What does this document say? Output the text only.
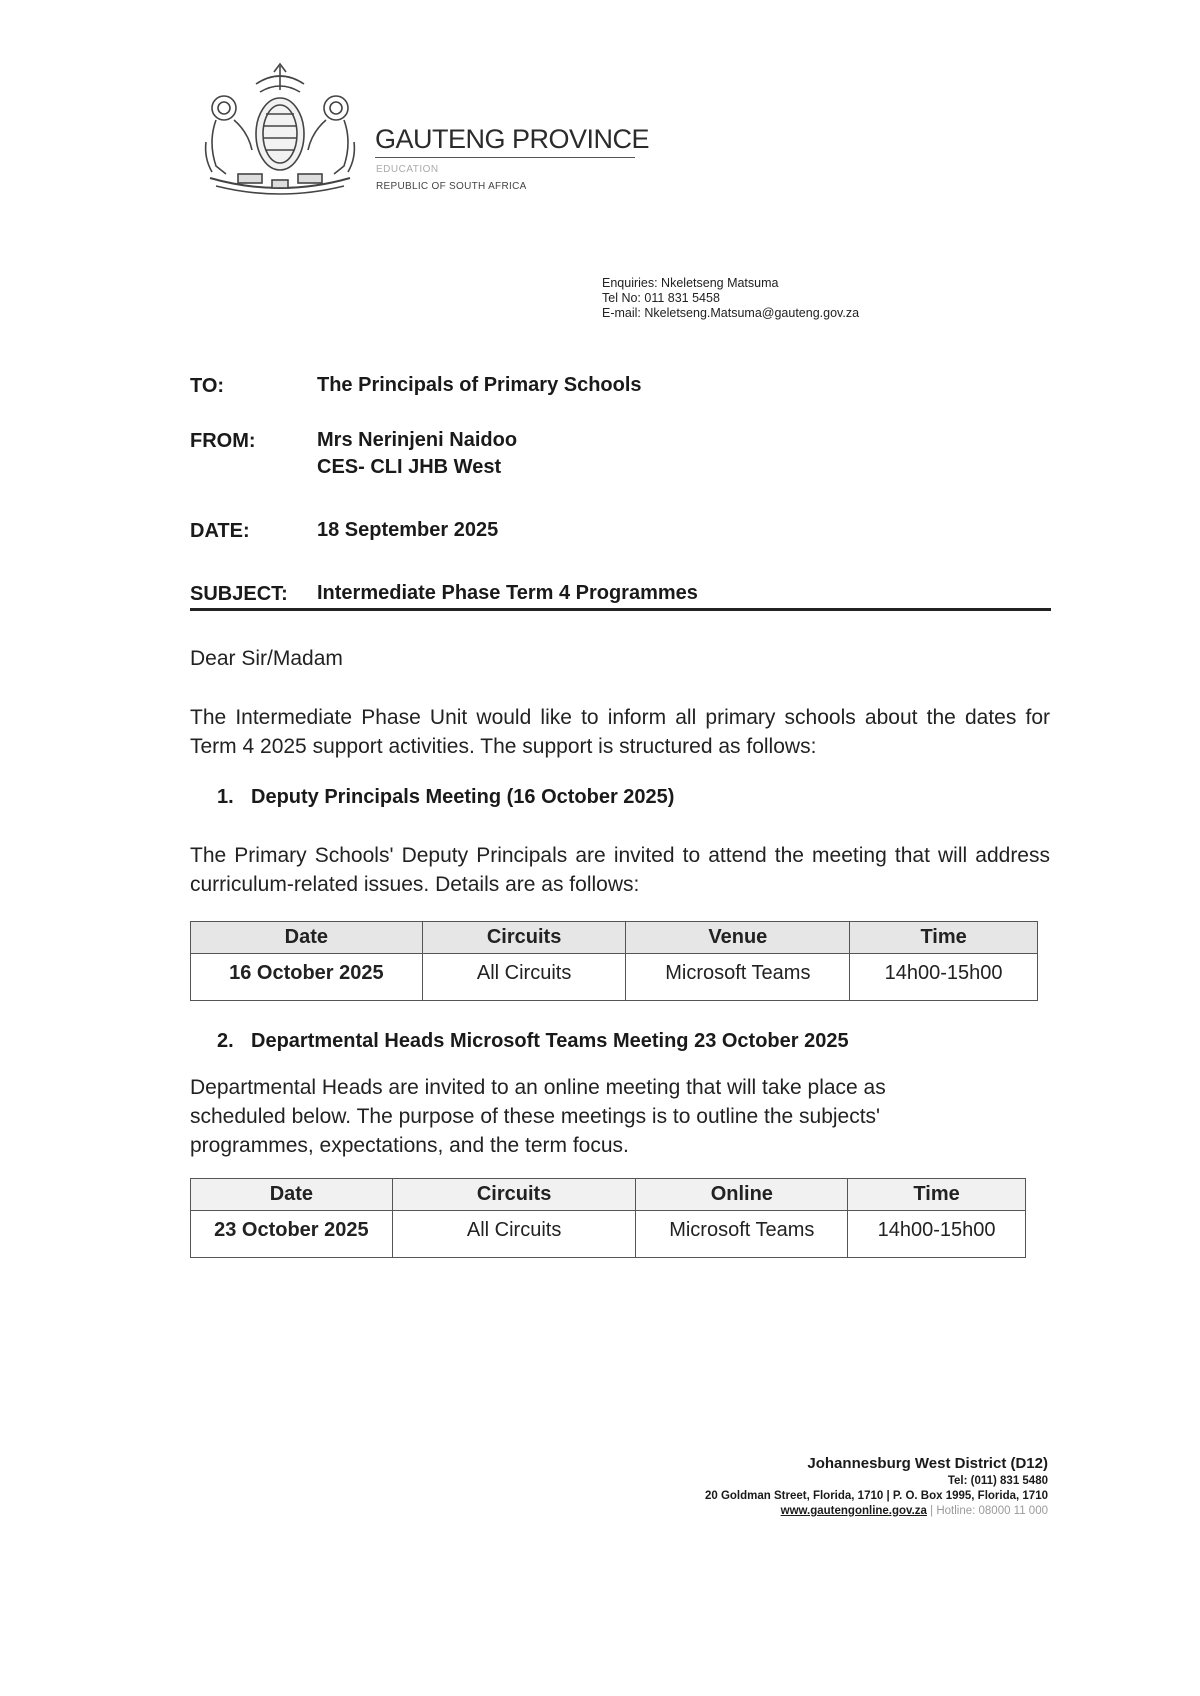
GAUTENG PROVINCE
EDUCATION
REPUBLIC OF SOUTH AFRICA
Enquiries: Nkeletseng Matsuma
Tel No: 011 831 5458
E-mail: Nkeletseng.Matsuma@gauteng.gov.za
TO:	The Principals of Primary Schools
FROM:	Mrs Nerinjeni Naidoo
CES- CLI JHB West
DATE:	18 September 2025
SUBJECT: Intermediate Phase Term 4 Programmes
Dear Sir/Madam
The Intermediate Phase Unit would like to inform all primary schools about the dates for Term 4 2025 support activities. The support is structured as follows:
1. Deputy Principals Meeting (16 October 2025)
The Primary Schools' Deputy Principals are invited to attend the meeting that will address curriculum-related issues. Details are as follows:
Date	Circuits	Venue	Time
16 October 2025	All Circuits	Microsoft Teams	14h00-15h00
2. Departmental Heads Microsoft Teams Meeting 23 October 2025
Departmental Heads are invited to an online meeting that will take place as scheduled below. The purpose of these meetings is to outline the subjects' programmes, expectations, and the term focus.
Date	Circuits	Online	Time
23 October 2025	All Circuits	Microsoft Teams	14h00-15h00
Johannesburg West District (D12)
Tel: (011) 831 5480
20 Goldman Street, Florida, 1710 | P. O. Box 1995, Florida, 1710
www.gautengonline.gov.za | Hotline: 08000 11 000
